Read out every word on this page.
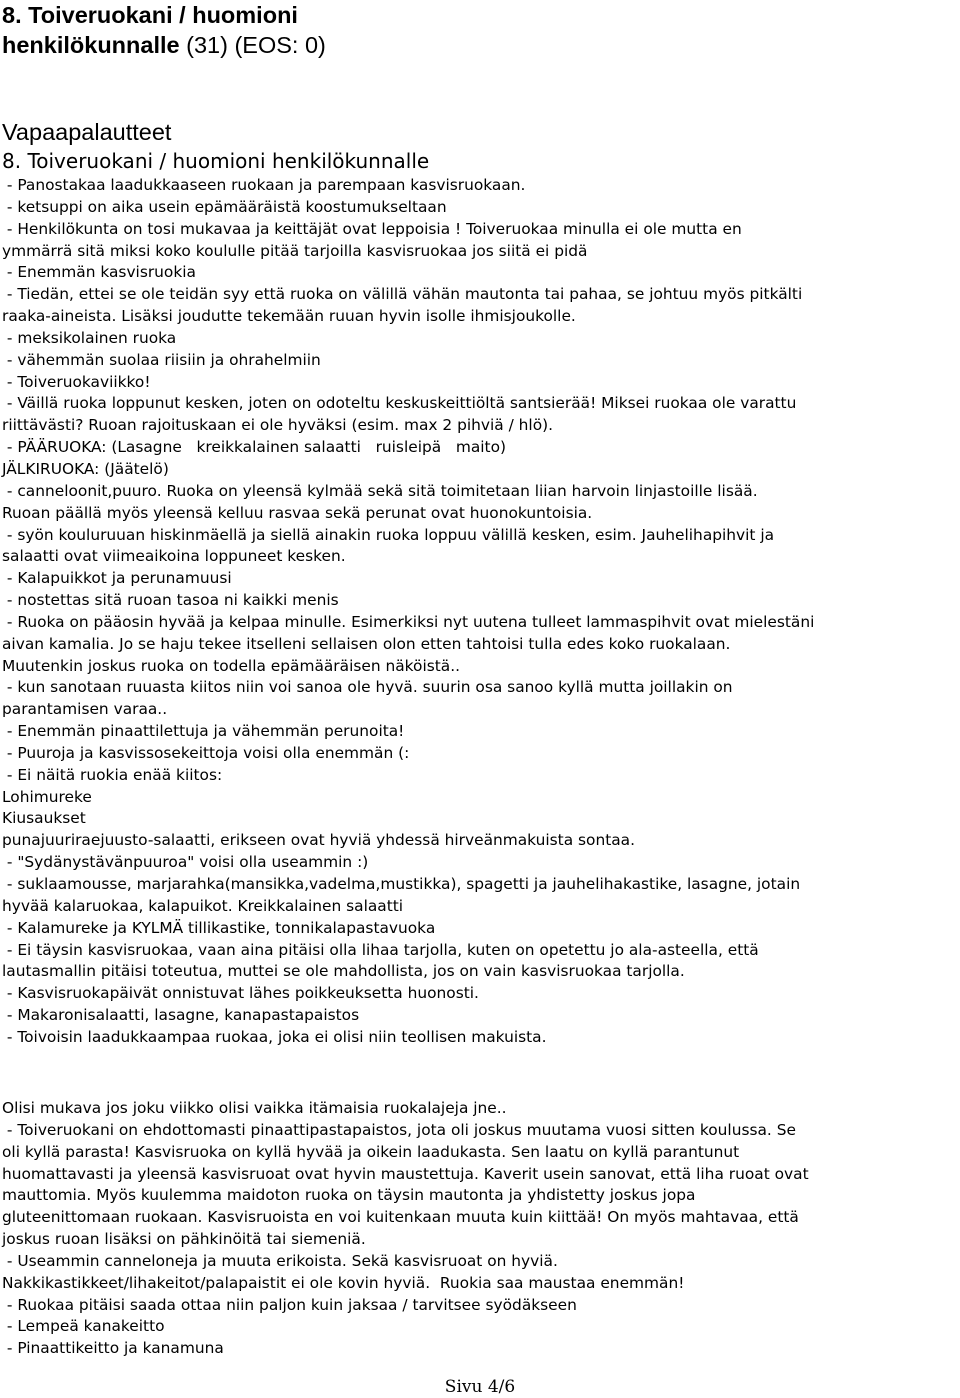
8. Toiveruokani / huomioni henkilökunnalle (31) (EOS: 0)
Vapaapalautteet
8. Toiveruokani / huomioni henkilökunnalle
- Panostakaa laadukkaaseen ruokaan ja parempaan kasvisruokaan.
- ketsuppi on aika usein epämääräistä koostumukseltaan
- Henkilökunta on tosi mukavaa ja keittäjät ovat leppoisia ! Toiveruokaa minulla ei ole mutta en
ymmärrä sitä miksi koko koululle pitää tarjoilla kasvisruokaa jos siitä ei pidä
- Enemmän kasvisruokia
- Tiedän, ettei se ole teidän syy että ruoka on välillä vähän mautonta tai pahaa, se johtuu myös pitkälti
raaka-aineista. Lisäksi joudutte tekemään ruuan hyvin isolle ihmisjoukolle.
- meksikolainen ruoka
- vähemmän suolaa riisiin ja ohrahelmiin
- Toiveruokaviikko!
- Väillä ruoka loppunut kesken, joten on odoteltu keskuskeittiöltä santsierää! Miksei ruokaa ole varattu
riittävästi? Ruoan rajoituskaan ei ole hyväksi (esim. max 2 pihviä / hlö).
- PÄÄRUOKA: (Lasagne   kreikkalainen salaatti   ruisleipä   maito)
JÄLKIRUOKA: (Jäätelö)
- canneloonit,puuro. Ruoka on yleensä kylmää sekä sitä toimitetaan liian harvoin linjastoille lisää.
Ruoan päällä myös yleensä kelluu rasvaa sekä perunat ovat huonokuntoisia.
- syön kouluruuan hiskinmäellä ja siellä ainakin ruoka loppuu välillä kesken, esim. Jauhelihapihvit ja
salaatti ovat viimeaikoina loppuneet kesken.
- Kalapuikkot ja perunamuusi
- nostettas sitä ruoan tasoa ni kaikki menis
- Ruoka on pääosin hyvää ja kelpaa minulle. Esimerkiksi nyt uutena tulleet lammaspihvit ovat mielestäni
aivan kamalia. Jo se haju tekee itselleni sellaisen olon etten tahtoisi tulla edes koko ruokalaan.
Muutenkin joskus ruoka on todella epämääräisen näköistä..
- kun sanotaan ruuasta kiitos niin voi sanoa ole hyvä. suurin osa sanoo kyllä mutta joillakin on
parantamisen varaa..
- Enemmän pinaattilettuja ja vähemmän perunoita!
- Puuroja ja kasvissosekeittoja voisi olla enemmän (:
- Ei näitä ruokia enää kiitos:
Lohimureke
Kiusaukset
punajuuriraejuusto-salaatti, erikseen ovat hyviä yhdessä hirveänmakuista sontaa.
- "Sydänystävänpuuroa" voisi olla useammin :)
- suklaamousse, marjarahka(mansikka,vadelma,mustikka), spagetti ja jauhelihakastike, lasagne, jotain
hyvää kalaruokaa, kalapuikot. Kreikkalainen salaatti
- Kalamureke ja KYLMÄ tillikastike, tonnikalapastavuoka
- Ei täysin kasvisruokaa, vaan aina pitäisi olla lihaa tarjolla, kuten on opetettu jo ala-asteella, että
lautasmallin pitäisi toteutua, muttei se ole mahdollista, jos on vain kasvisruokaa tarjolla.
- Kasvisruokapäivät onnistuvat lähes poikkeuksetta huonosti.
- Makaronisalaatti, lasagne, kanapastapaistos
- Toivoisin laadukkaampaa ruokaa, joka ei olisi niin teollisen makuista.
Olisi mukava jos joku viikko olisi vaikka itämaisia ruokalajeja jne..
- Toiveruokani on ehdottomasti pinaattipastapaistos, jota oli joskus muutama vuosi sitten koulussa. Se
oli kyllä parasta! Kasvisruoka on kyllä hyvää ja oikein laadukasta. Sen laatu on kyllä parantunut
huomattavasti ja yleensä kasvisruoat ovat hyvin maustettuja. Kaverit usein sanovat, että liha ruoat ovat
mauttomia. Myös kuulemma maidoton ruoka on täysin mautonta ja yhdistetty joskus jopa
gluteenittomaan ruokaan. Kasvisruoista en voi kuitenkaan muuta kuin kiittää! On myös mahtavaa, että
joskus ruoan lisäksi on pähkinöitä tai siemeniä.
- Useammin canneloneja ja muuta erikoista. Sekä kasvisruoat on hyviä.
Nakkikastikkeet/lihakeitot/palapaistit ei ole kovin hyviä.  Ruokia saa maustaa enemmän!
- Ruokaa pitäisi saada ottaa niin paljon kuin jaksaa / tarvitsee syödäkseen
- Lempeä kanakeitto
- Pinaattikeitto ja kanamuna
Sivu 4/6
